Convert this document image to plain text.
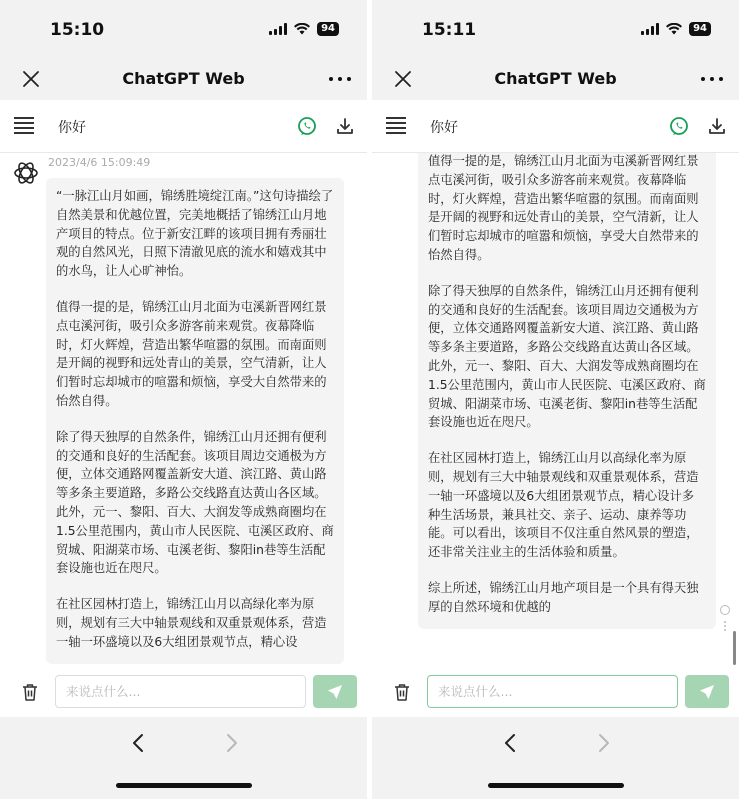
15:10	94
ChatGPT Web
你好
2023/4/6 15:09:49

“一脉江山月如画，锦绣胜境绽江南。”这句诗描绘了自然美景和优越位置，完美地概括了锦绣江山月地产项目的特点。位于新安江畔的该项目拥有秀丽壮观的自然风光，日照下清澈见底的流水和嬉戏其中的水鸟，让人心旷神怡。

值得一提的是，锦绣江山月北面为屯溪新晋网红景点屯溪河街，吸引众多游客前来观赏。夜幕降临时，灯火辉煌，营造出繁华喧嚣的氛围。而南面则是开阔的视野和远处青山的美景，空气清新，让人们暂时忘却城市的喧嚣和烦恼，享受大自然带来的怡然自得。

除了得天独厚的自然条件，锦绣江山月还拥有便利的交通和良好的生活配套。该项目周边交通极为方便，立体交通路网覆盖新安大道、滨江路、黄山路等多条主要道路，多路公交线路直达黄山各区域。此外，元一、黎阳、百大、大润发等成熟商圈均在1.5公里范围内，黄山市人民医院、屯溪区政府、商贸城、阳湖菜市场、屯溪老街、黎阳in巷等生活配套设施也近在咫尺。

在社区园林打造上，锦绣江山月以高绿化率为原则，规划有三大中轴景观线和双重景观体系，营造一轴一环盛境以及6大组团景观节点，精心设

来说点什么...
15:11	94
ChatGPT Web
你好

值得一提的是，锦绣江山月北面为屯溪新晋网红景点屯溪河街，吸引众多游客前来观赏。夜幕降临时，灯火辉煌，营造出繁华喧嚣的氛围。而南面则是开阔的视野和远处青山的美景，空气清新，让人们暂时忘却城市的喧嚣和烦恼，享受大自然带来的怡然自得。

除了得天独厚的自然条件，锦绣江山月还拥有便利的交通和良好的生活配套。该项目周边交通极为方便，立体交通路网覆盖新安大道、滨江路、黄山路等多条主要道路，多路公交线路直达黄山各区域。此外，元一、黎阳、百大、大润发等成熟商圈均在1.5公里范围内，黄山市人民医院、屯溪区政府、商贸城、阳湖菜市场、屯溪老街、黎阳in巷等生活配套设施也近在咫尺。

在社区园林打造上，锦绣江山月以高绿化率为原则，规划有三大中轴景观线和双重景观体系，营造一轴一环盛境以及6大组团景观节点，精心设计多种生活场景，兼具社交、亲子、运动、康养等功能。可以看出，该项目不仅注重自然风景的塑造，还非常关注业主的生活体验和质量。

综上所述，锦绣江山月地产项目是一个具有得天独厚的自然环境和优越的

来说点什么...
